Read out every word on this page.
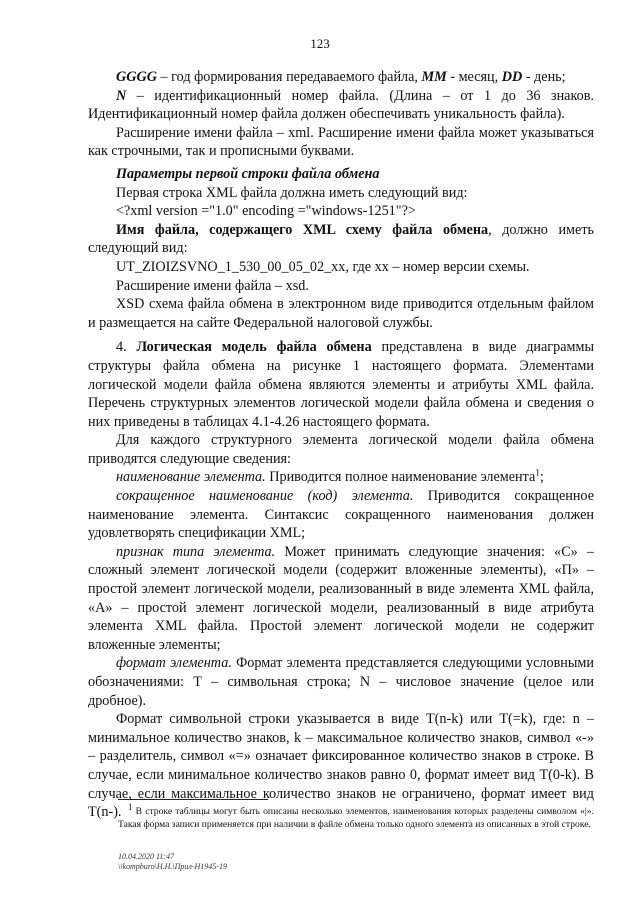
123

GGGG – год формирования передаваемого файла, MM - месяц, DD - день;

N – идентификационный номер файла. (Длина – от 1 до 36 знаков. Идентификационный номер файла должен обеспечивать уникальность файла).

Расширение имени файла – xml. Расширение имени файла может указываться как строчными, так и прописными буквами.

Параметры первой строки файла обмена

Первая строка XML файла должна иметь следующий вид:

<?xml version ="1.0" encoding ="windows-1251"?>

Имя файла, содержащего XML схему файла обмена, должно иметь следующий вид:

UT_ZIOIZSVNO_1_530_00_05_02_xx, где хх – номер версии схемы.

Расширение имени файла – xsd.

XSD схема файла обмена в электронном виде приводится отдельным файлом и размещается на сайте Федеральной налоговой службы.

4. Логическая модель файла обмена представлена в виде диаграммы структуры файла обмена на рисунке 1 настоящего формата. Элементами логической модели файла обмена являются элементы и атрибуты XML файла. Перечень структурных элементов логической модели файла обмена и сведения о них приведены в таблицах 4.1-4.26 настоящего формата.

Для каждого структурного элемента логической модели файла обмена приводятся следующие сведения:

наименование элемента. Приводится полное наименование элемента$^1$;

сокращенное наименование (код) элемента. Приводится сокращенное наименование элемента. Синтаксис сокращенного наименования должен удовлетворять спецификации XML;

признак типа элемента. Может принимать следующие значения: «С» – сложный элемент логической модели (содержит вложенные элементы), «П» – простой элемент логической модели, реализованный в виде элемента XML файла, «А» – простой элемент логической модели, реализованный в виде атрибута элемента XML файла. Простой элемент логической модели не содержит вложенные элементы;

формат элемента. Формат элемента представляется следующими условными обозначениями: Т – символьная строка; N – числовое значение (целое или дробное).

Формат символьной строки указывается в виде Т(n-k) или Т(=k), где: n – минимальное количество знаков, k – максимальное количество знаков, символ «-» – разделитель, символ «=» означает фиксированное количество знаков в строке. В случае, если минимальное количество знаков равно 0, формат имеет вид Т(0-k). В случае, если максимальное количество знаков не ограничено, формат имеет вид Т(n-). $^1$ В строке таблицы могут быть описаны несколько элементов, наименования которых разделены символом «|». Такая форма записи применяется при наличии в файле обмена только одного элемента из описанных в этой строке.

10.04.2020 11:47
\\kompburo\Н.Н.\Прил-Н1945-19
